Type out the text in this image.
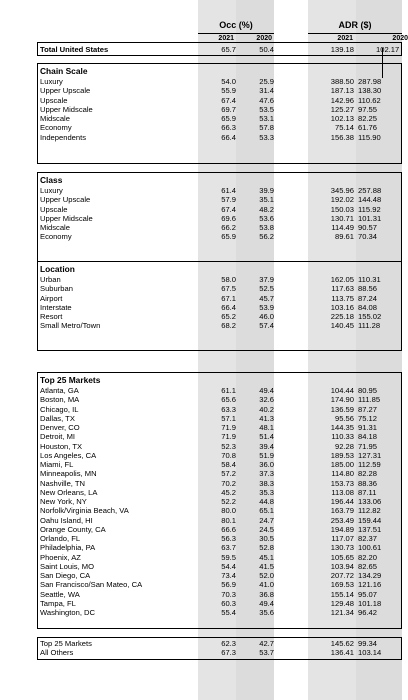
Occ (%)	ADR ($)
2021	2020	2021	2020
Total United States	65.7	50.4	139.18	102.17
Chain Scale
Luxury	54.0	25.9	388.50 287.98
Upper Upscale	55.9	31.4	187.13 138.30
Upscale	67.4	47.6	142.96 110.62
Upper Midscale	69.7	53.5	125.27 97.55
Midscale	65.9	53.1	102.13 82.25
Economy	66.3	57.8	75.14 61.76
Independents	66.4	53.3	156.38 115.90
Class
Luxury	61.4	39.9	345.96 257.88
Upper Upscale	57.9	35.1	192.02 144.48
Upscale	67.4	48.2	150.03 115.92
Upper Midscale	69.6	53.6	130.71 101.31
Midscale	66.2	53.8	114.49 90.57
Economy	65.9	56.2	89.61 70.34
Location
Urban	58.0	37.9	162.05 110.31
Suburban	67.5	52.5	117.63 88.56
Airport	67.1	45.7	113.75 87.24
Interstate	66.4	53.9	103.16 84.08
Resort	65.2	46.0	225.18 155.02
Small Metro/Town	68.2	57.4	140.45 111.28
Top 25 Markets
Atlanta, GA	61.1	49.4	104.44 80.95
Boston, MA	65.6	32.6	174.90 111.85
Chicago, IL	63.3	40.2	136.59 87.27
Dallas, TX	57.1	41.3	95.56 75.12
Denver, CO	71.9	48.1	144.35 91.31
Detroit, MI	71.9	51.4	110.33 84.18
Houston, TX	52.3	39.4	92.28 71.95
Los Angeles, CA	70.8	51.9	189.53 127.31
Miami, FL	58.4	36.0	185.00 112.59
Minneapolis, MN	57.2	37.3	114.80 82.28
Nashville, TN	70.2	38.3	153.73 88.36
New Orleans, LA	45.2	35.3	113.08 87.11
New York, NY	52.2	44.8	196.44 133.06
Norfolk/Virginia Beach, VA	80.0	65.1	163.79 112.82
Oahu Island, HI	80.1	24.7	253.49 159.44
Orange County, CA	66.6	24.5	194.89 137.51
Orlando, FL	56.3	30.5	117.07 82.37
Philadelphia, PA	63.7	52.8	130.73 100.61
Phoenix, AZ	59.5	45.1	105.65 82.20
Saint Louis, MO	54.4	41.5	103.94 82.65
San Diego, CA	73.4	52.0	207.72 134.29
San Francisco/San Mateo, CA	56.9	41.0	169.53 121.16
Seattle, WA	70.3	36.8	155.14 95.07
Tampa, FL	60.3	49.4	129.48 101.18
Washington, DC	55.4	35.6	121.34 96.42
Top 25 Markets	62.3	42.7	145.62 99.34
All Others	67.3	53.7	136.41 103.14
